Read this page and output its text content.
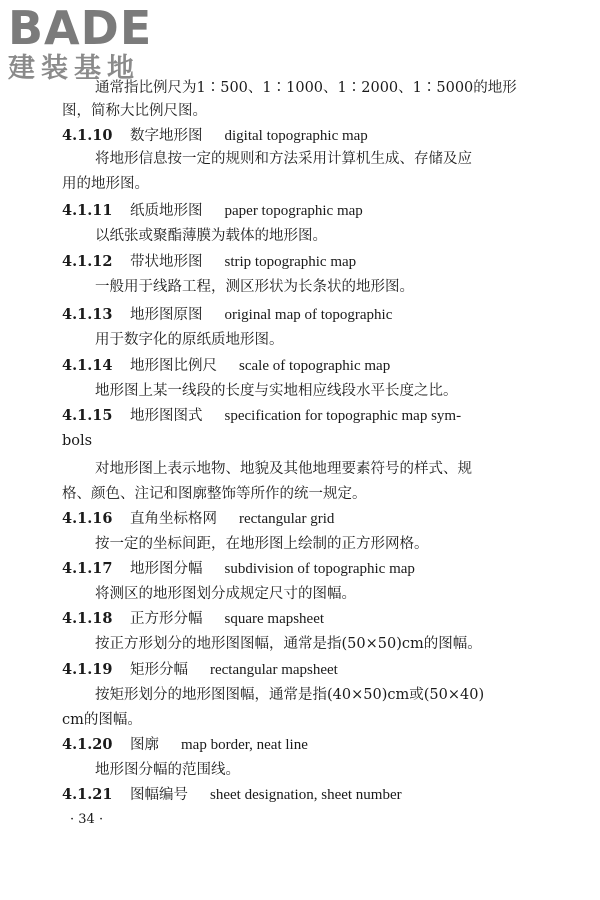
BADE
建装基地
通常指比例尺为1∶500、1∶1000、1∶2000、1∶5000的地形
图，简称大比例尺图。
4.1.10 数字地形图 digital topographic map
将地形信息按一定的规则和方法采用计算机生成、存储及应
用的地形图。
4.1.11 纸质地形图 paper topographic map
以纸张或聚酯薄膜为载体的地形图。
4.1.12 带状地形图 strip topographic map
一般用于线路工程，测区形状为长条状的地形图。
4.1.13 地形图原图 original map of topographic
用于数字化的原纸质地形图。
4.1.14 地形图比例尺 scale of topographic map
地形图上某一线段的长度与实地相应线段水平长度之比。
4.1.15 地形图图式 specification for topographic map sym-
bols
对地形图上表示地物、地貌及其他地理要素符号的样式、规
格、颜色、注记和图廓整饰等所作的统一规定。
4.1.16 直角坐标格网 rectangular grid
按一定的坐标间距，在地形图上绘制的正方形网格。
4.1.17 地形图分幅 subdivision of topographic map
将测区的地形图划分成规定尺寸的图幅。
4.1.18 正方形分幅 square mapsheet
按正方形划分的地形图图幅，通常是指(50×50)cm的图幅。
4.1.19 矩形分幅 rectangular mapsheet
按矩形划分的地形图图幅，通常是指(40×50)cm或(50×40)
cm的图幅。
4.1.20 图廓 map border, neat line
地形图分幅的范围线。
4.1.21 图幅编号 sheet designation, sheet number
· 34 ·
